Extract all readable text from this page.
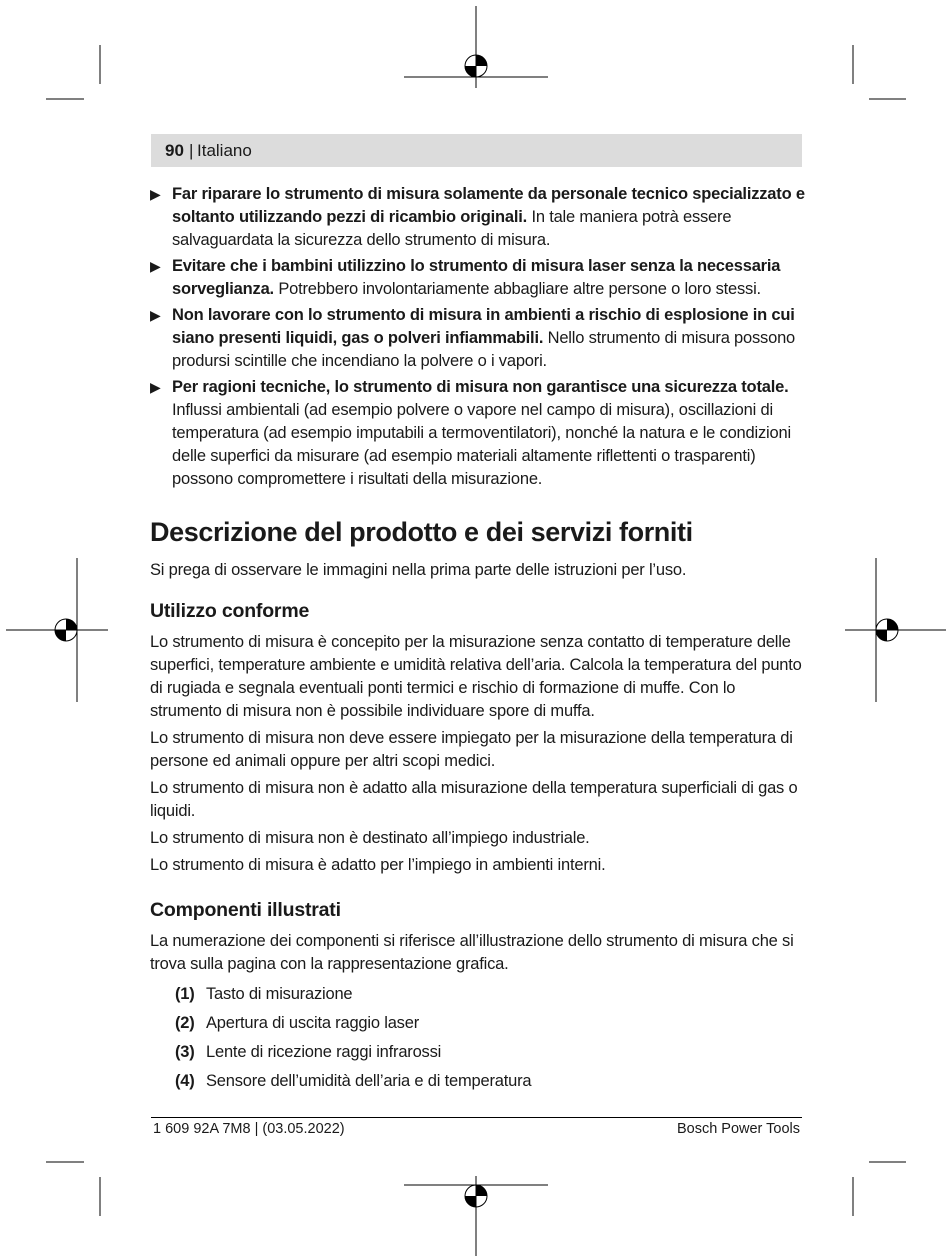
90 | Italiano
▶ Far riparare lo strumento di misura solamente da personale tecnico specializzato e soltanto utilizzando pezzi di ricambio originali. In tale maniera potrà essere salvaguardata la sicurezza dello strumento di misura.
▶ Evitare che i bambini utilizzino lo strumento di misura laser senza la necessaria sorveglianza. Potrebbero involontariamente abbagliare altre persone o loro stessi.
▶ Non lavorare con lo strumento di misura in ambienti a rischio di esplosione in cui siano presenti liquidi, gas o polveri infiammabili. Nello strumento di misura possono prodursi scintille che incendiano la polvere o i vapori.
▶ Per ragioni tecniche, lo strumento di misura non garantisce una sicurezza totale. Influssi ambientali (ad esempio polvere o vapore nel campo di misura), oscillazioni di temperatura (ad esempio imputabili a termoventilatori), nonché la natura e le condizioni delle superfici da misurare (ad esempio materiali altamente riflettenti o trasparenti) possono compromettere i risultati della misurazione.
Descrizione del prodotto e dei servizi forniti

Si prega di osservare le immagini nella prima parte delle istruzioni per l’uso.

Utilizzo conforme

Lo strumento di misura è concepito per la misurazione senza contatto di temperature delle superfici, temperature ambiente e umidità relativa dell’aria. Calcola la temperatura del punto di rugiada e segnala eventuali ponti termici e rischio di formazione di muffe. Con lo strumento di misura non è possibile individuare spore di muffa.

Lo strumento di misura non deve essere impiegato per la misurazione della temperatura di persone ed animali oppure per altri scopi medici.

Lo strumento di misura non è adatto alla misurazione della temperatura superficiali di gas o liquidi.

Lo strumento di misura non è destinato all’impiego industriale.

Lo strumento di misura è adatto per l’impiego in ambienti interni.

Componenti illustrati

La numerazione dei componenti si riferisce all’illustrazione dello strumento di misura che si trova sulla pagina con la rappresentazione grafica.

(1) Tasto di misurazione
(2) Apertura di uscita raggio laser
(3) Lente di ricezione raggi infrarossi
(4) Sensore dell’umidità dell’aria e di temperatura
1 609 92A 7M8 | (03.05.2022)	Bosch Power Tools
